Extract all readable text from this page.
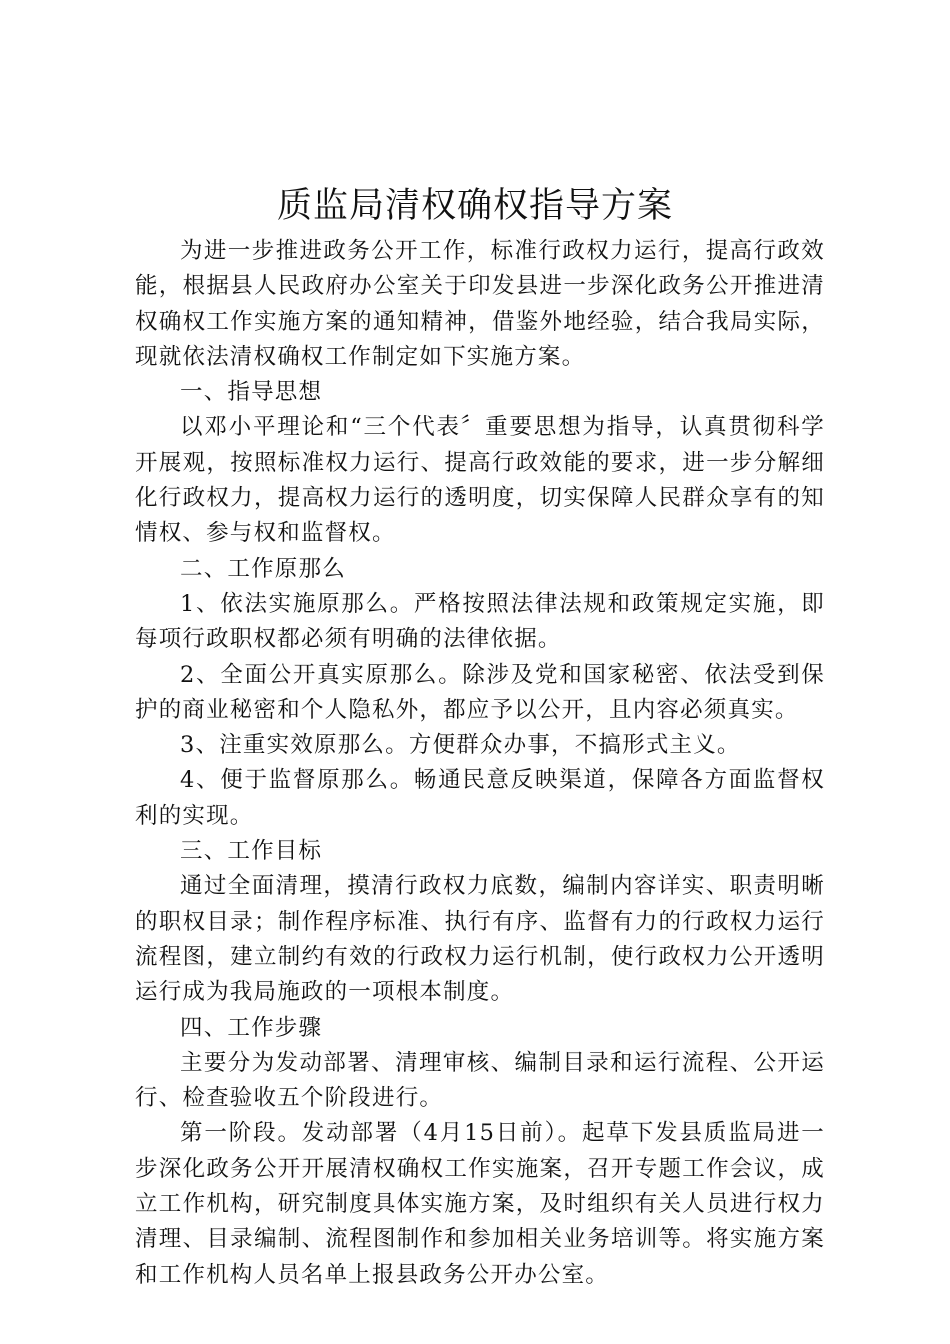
质监局清权确权指导方案

为进一步推进政务公开工作，标准行政权力运行，提高行政效能，根据县人民政府办公室关于印发县进一步深化政务公开推进清权确权工作实施方案的通知精神，借鉴外地经验，结合我局实际，现就依法清权确权工作制定如下实施方案。

一、指导思想

以邓小平理论和“三个代表〞重要思想为指导，认真贯彻科学开展观，按照标准权力运行、提高行政效能的要求，进一步分解细化行政权力，提高权力运行的透明度，切实保障人民群众享有的知情权、参与权和监督权。

二、工作原那么

1、依法实施原那么。严格按照法律法规和政策规定实施，即每项行政职权都必须有明确的法律依据。

2、全面公开真实原那么。除涉及党和国家秘密、依法受到保护的商业秘密和个人隐私外，都应予以公开，且内容必须真实。

3、注重实效原那么。方便群众办事，不搞形式主义。

4、便于监督原那么。畅通民意反映渠道，保障各方面监督权利的实现。

三、工作目标

通过全面清理，摸清行政权力底数，编制内容详实、职责明晰的职权目录；制作程序标准、执行有序、监督有力的行政权力运行流程图，建立制约有效的行政权力运行机制，使行政权力公开透明运行成为我局施政的一项根本制度。

四、工作步骤

主要分为发动部署、清理审核、编制目录和运行流程、公开运行、检查验收五个阶段进行。

第一阶段。发动部署（4月15日前）。起草下发县质监局进一步深化政务公开开展清权确权工作实施案，召开专题工作会议，成立工作机构，研究制度具体实施方案，及时组织有关人员进行权力清理、目录编制、流程图制作和参加相关业务培训等。将实施方案和工作机构人员名单上报县政务公开办公室。
